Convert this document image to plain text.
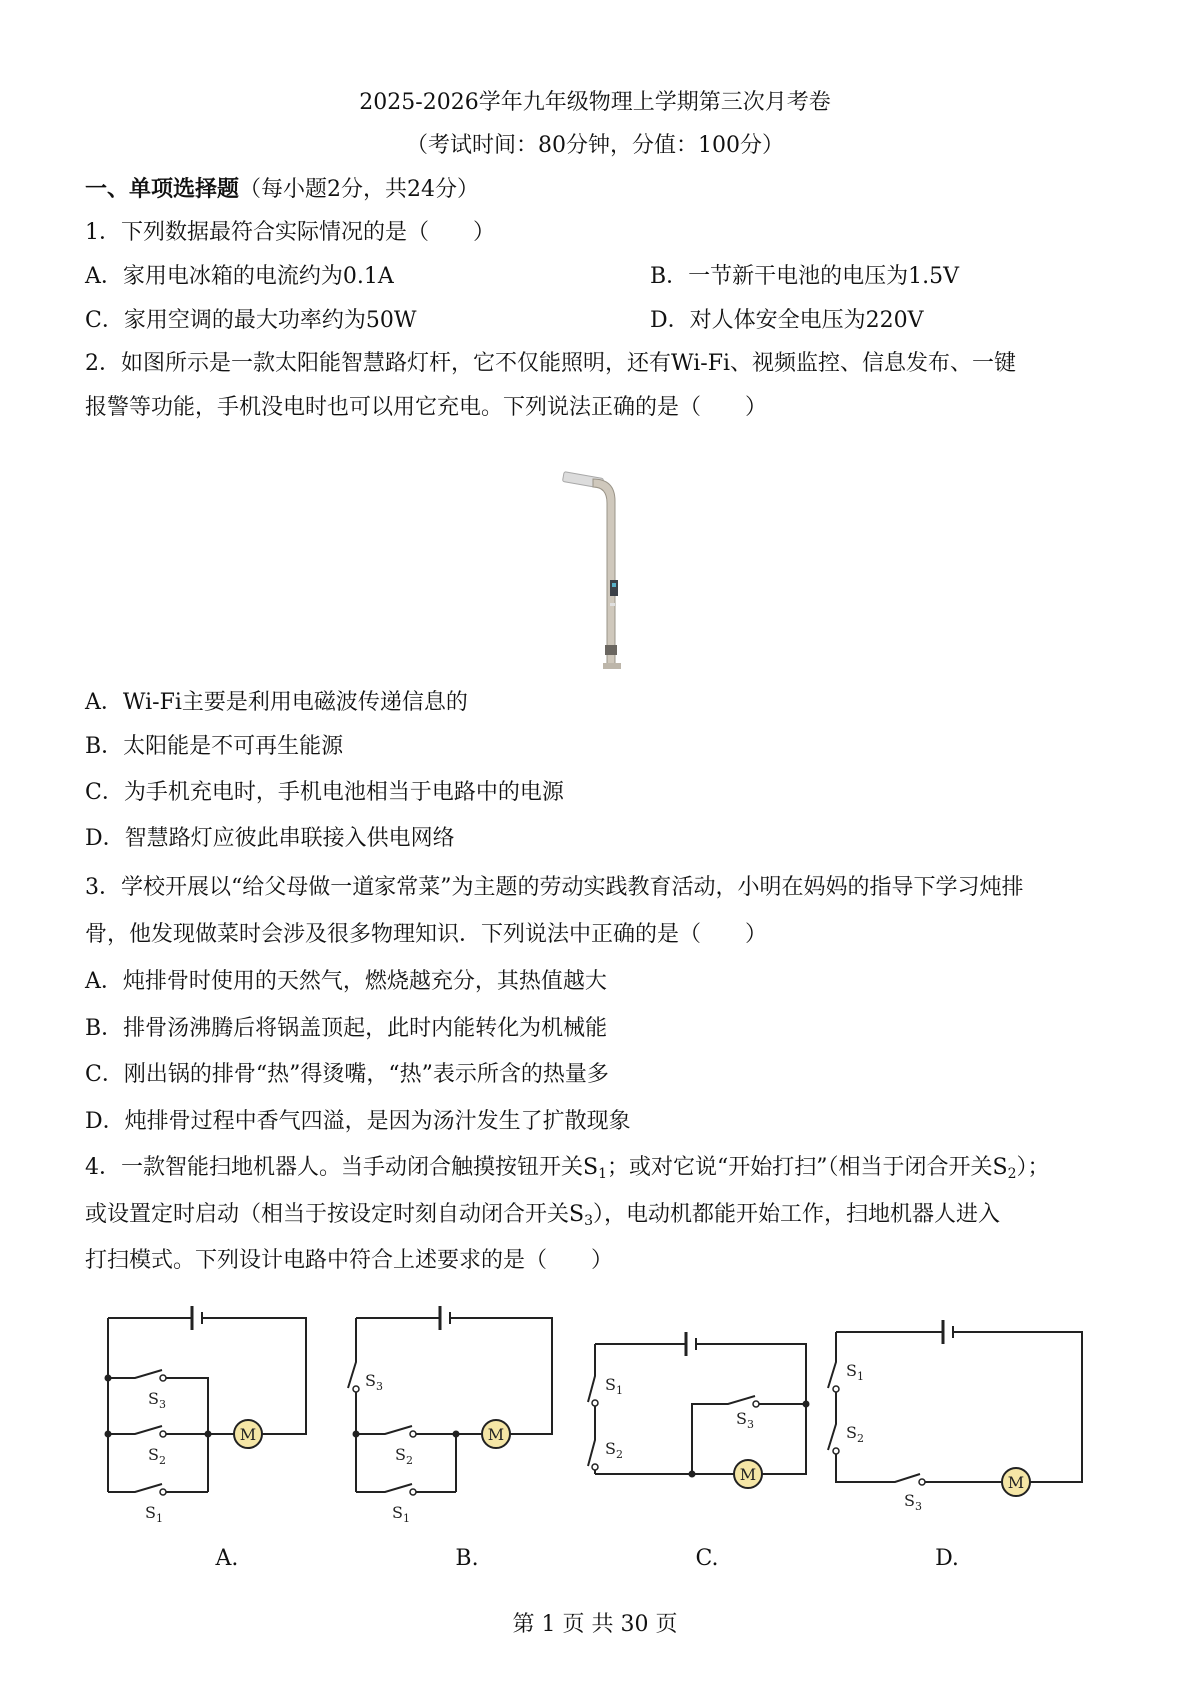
2025-2026学年九年级物理上学期第三次月考卷
（考试时间：80分钟，分值：100分）
一、单项选择题（每小题2分，共24分）
1．下列数据最符合实际情况的是（　　）
A．家用电冰箱的电流约为0.1A	B．一节新干电池的电压为1.5V
C．家用空调的最大功率约为50W	D．对人体安全电压为220V
2．如图所示是一款太阳能智慧路灯杆，它不仅能照明，还有Wi-Fi、视频监控、信息发布、一键
报警等功能，手机没电时也可以用它充电。下列说法正确的是（　　）
A．Wi-Fi主要是利用电磁波传递信息的
B．太阳能是不可再生能源
C．为手机充电时，手机电池相当于电路中的电源
D．智慧路灯应彼此串联接入供电网络
3．学校开展以“给父母做一道家常菜”为主题的劳动实践教育活动，小明在妈妈的指导下学习炖排
骨，他发现做菜时会涉及很多物理知识．下列说法中正确的是（　　）
A．炖排骨时使用的天然气，燃烧越充分，其热值越大
B．排骨汤沸腾后将锅盖顶起，此时内能转化为机械能
C．刚出锅的排骨“热”得烫嘴，“热”表示所含的热量多
D．炖排骨过程中香气四溢，是因为汤汁发生了扩散现象
4．一款智能扫地机器人。当手动闭合触摸按钮开关$S_1$；或对它说“开始打扫”（相当于闭合开关$S_2$）；
或设置定时启动（相当于按设定时刻自动闭合开关$S_3$），电动机都能开始工作，扫地机器人进入
打扫模式。下列设计电路中符合上述要求的是（　　）
M	M
M	M
$S_3$
$S_2$
$S_1$
$S_3$
$S_2$
$S_1$
$S_1$
$S_2$
$S_3$
$S_1$
$S_2$
$S_3$
A.	B.	C.	D.
第 1 页 共 30 页
